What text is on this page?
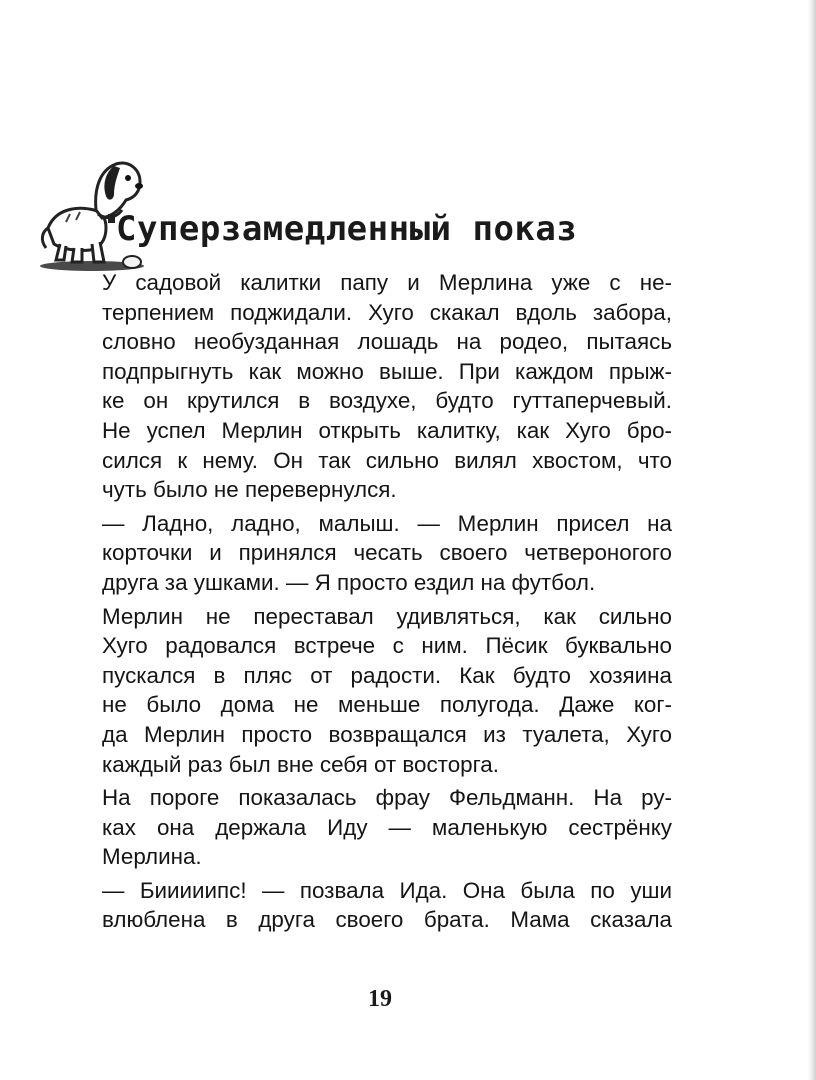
Суперзамедленный показ

У садовой калитки папу и Мерлина уже с не-
терпением поджидали. Хуго скакал вдоль забора,
словно необузданная лошадь на родео, пытаясь
подпрыгнуть как можно выше. При каждом прыж-
ке он крутился в воздухе, будто гуттаперчевый.
Не успел Мерлин открыть калитку, как Хуго бро-
сился к нему. Он так сильно вилял хвостом, что
чуть было не перевернулся.

— Ладно, ладно, малыш. — Мерлин присел на
корточки и принялся чесать своего четвероногого
друга за ушками. — Я просто ездил на футбол.

Мерлин не переставал удивляться, как сильно
Хуго радовался встрече с ним. Пёсик буквально
пускался в пляс от радости. Как будто хозяина
не было дома не меньше полугода. Даже ког-
да Мерлин просто возвращался из туалета, Хуго
каждый раз был вне себя от восторга.

На пороге показалась фрау Фельдманн. На ру-
ках она держала Иду — маленькую сестрёнку
Мерлина.

— Бииииипс! — позвала Ида. Она была по уши
влюблена в друга своего брата. Мама сказала

19
